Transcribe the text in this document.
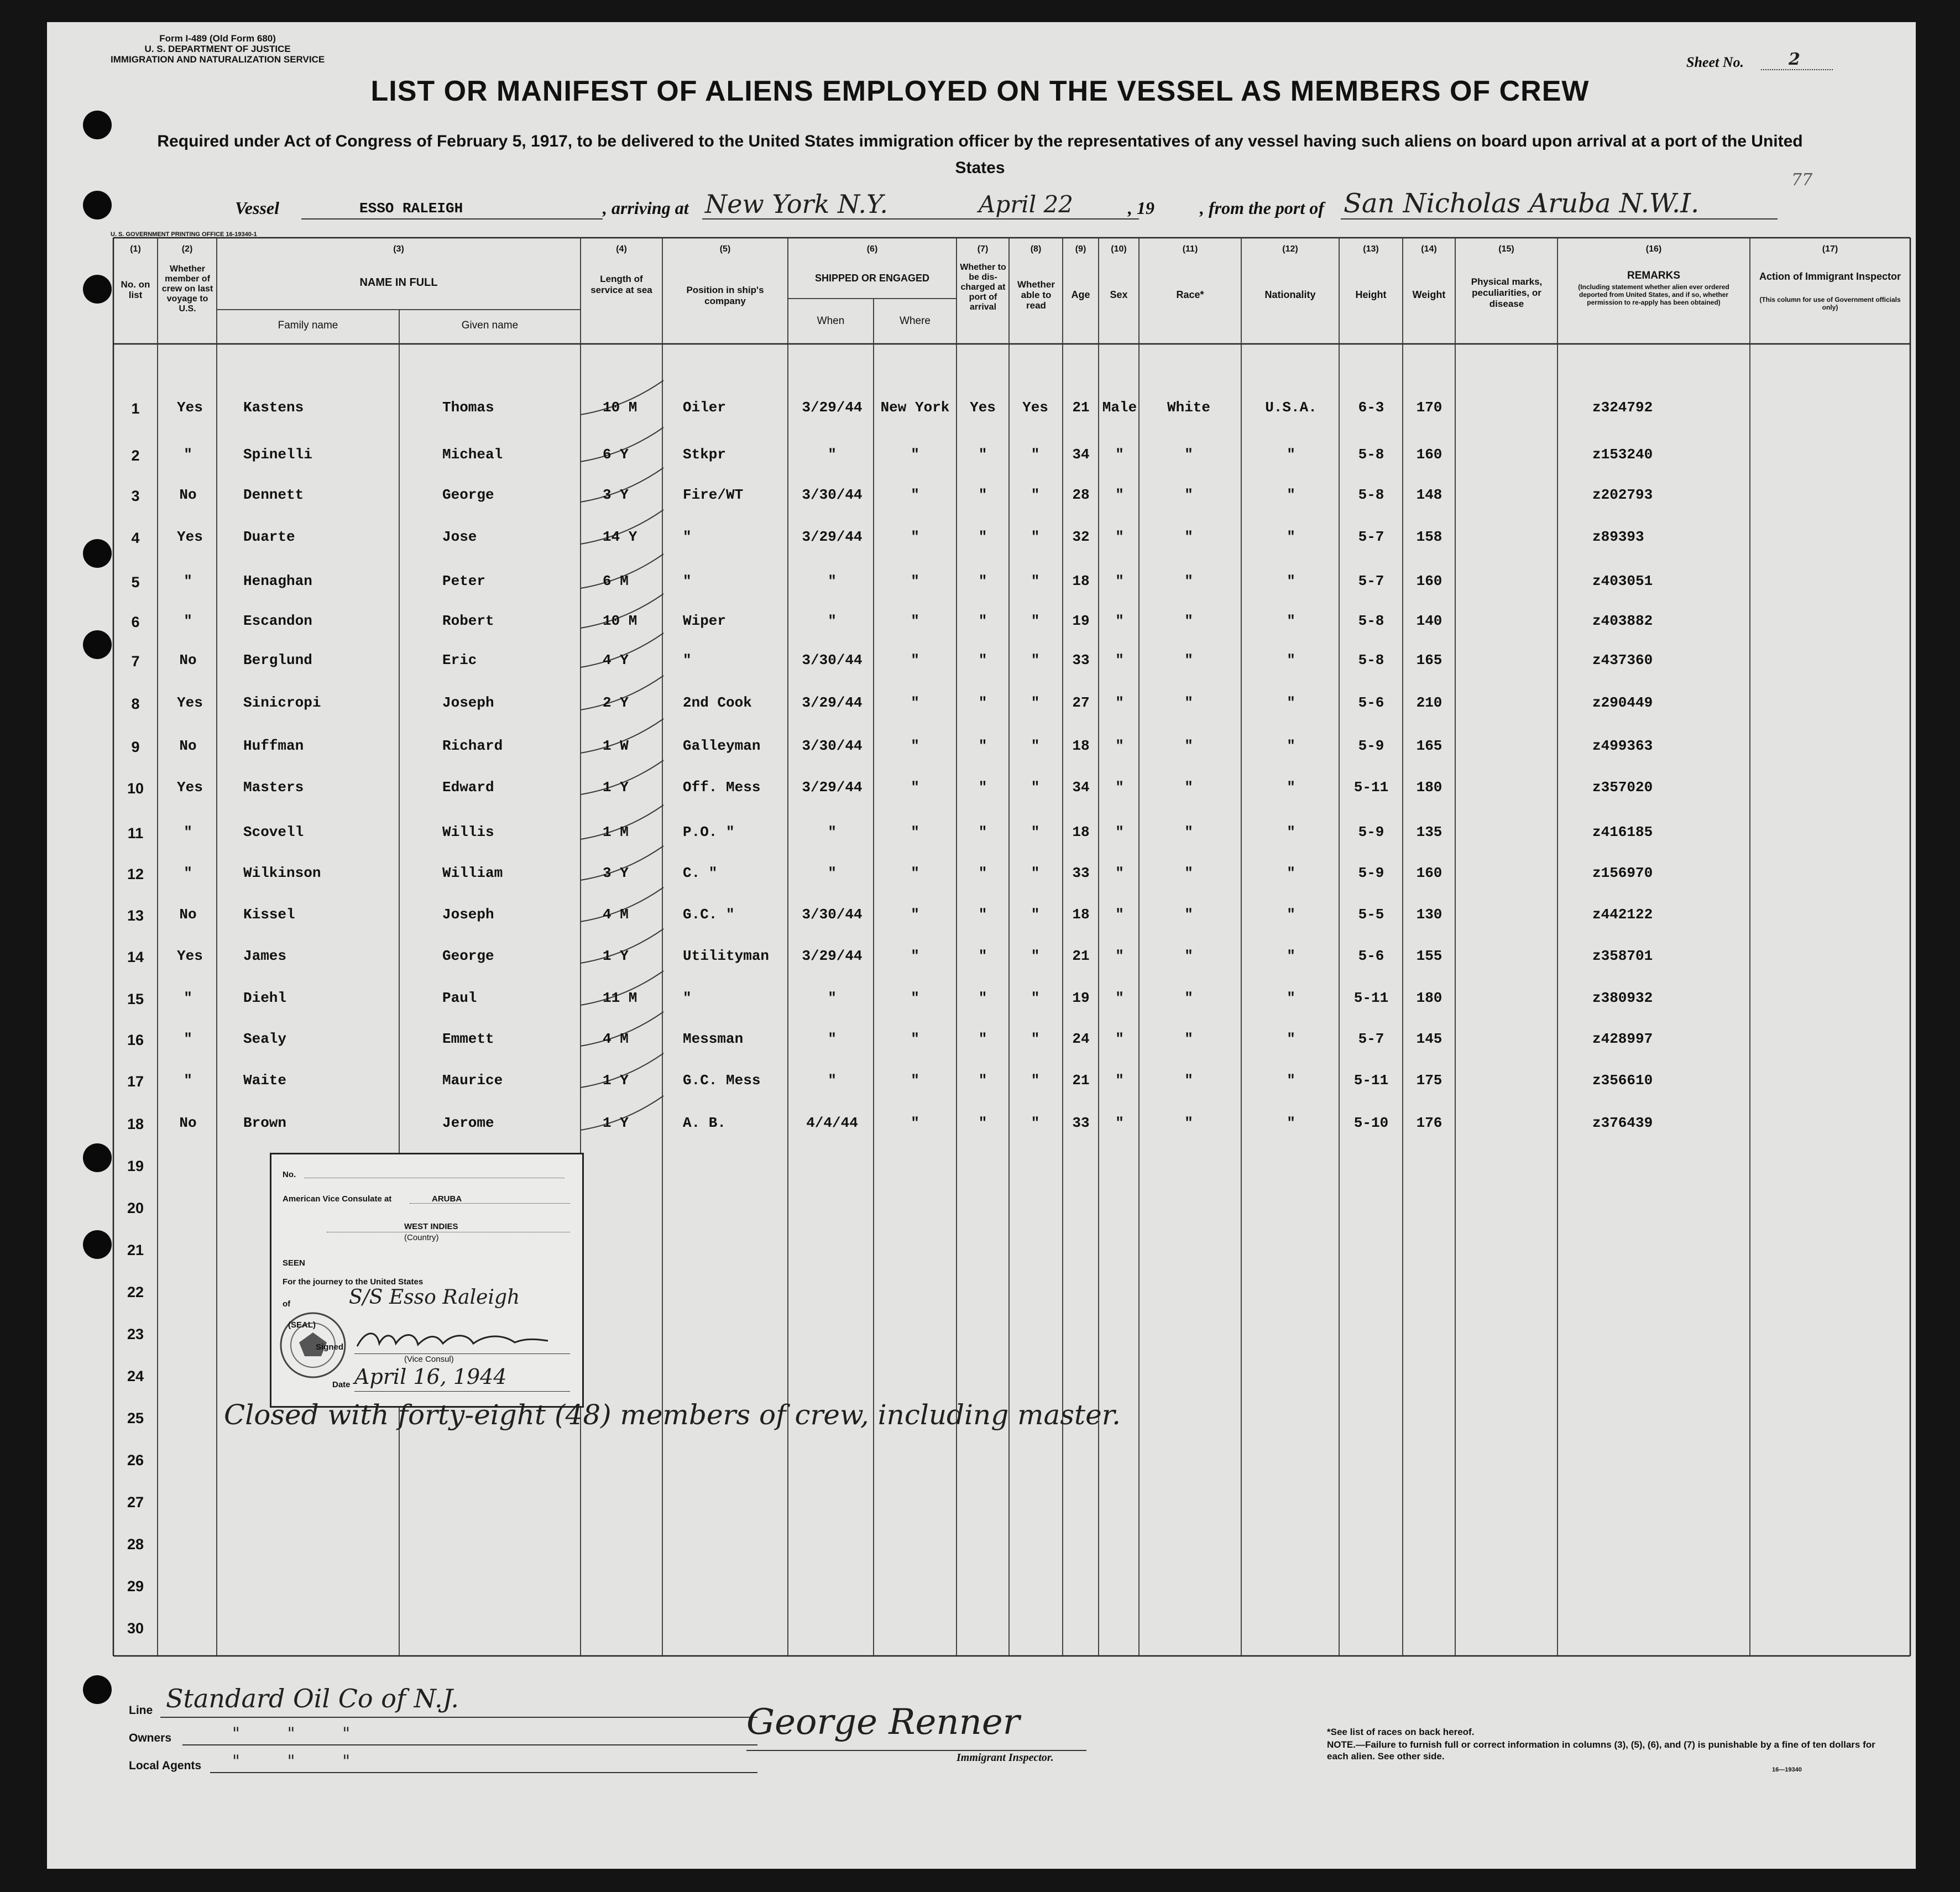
Form I-489 (Old Form 680)
U. S. DEPARTMENT OF JUSTICE
IMMIGRATION AND NATURALIZATION SERVICE	Sheet No.	2
LIST OR MANIFEST OF ALIENS EMPLOYED ON THE VESSEL AS MEMBERS OF CREW
Required under Act of Congress of February 5, 1917, to be delivered to the United States immigration officer by the representatives of any vessel having such aliens on board upon arrival at a port of the United States
Vessel	ESSO RALEIGH	, arriving at New York N.Y.	April 22	, 19	, from the port of San Nicholas Aruba N.W.I.
77
U. S. GOVERNMENT PRINTING OFFICE 16-19340-1
(1)	(2)	(3)	(4)	(5)	(6)	(7)	(8)	(9)	(10)	(11)	(12)	(13)	(14)	(15)	(16)	(17)
No. on list
Whether member of crew on last voyage to U.S.
NAME IN FULL
Family name	Given name
Length of service at sea	Position in ship's company
SHIPPED OR ENGAGED
When	Where
Whether to be dis-charged at port of arrival
Whether able to read
Age	Sex	Race*	Nationality	Height	Weight
Physical marks, peculiarities, or disease
REMARKS
(Including statement whether alien ever ordered deported from United States, and if so, whether permission to re-apply has been obtained)
Action of Immigrant Inspector
(This column for use of Government officials only)
1	Yes	Kastens	Thomas	10 M	Oiler	3/29/44	New York	Yes	Yes	21 Male	White	U.S.A.	6-3	170	z324792
2	"	Spinelli	Micheal	6 Y	Stkpr	"	"	"	"	34	"	"	"	5-8	160	z153240
3	No	Dennett	George	3 Y	Fire/WT	3/30/44	"	"	"	28	"	"	"	5-8	148	z202793
4	Yes	Duarte	Jose	14 Y	"	3/29/44	"	"	"	32	"	"	"	5-7	158	z89393
5	"	Henaghan	Peter	6 M	"	"	"	"	"	18	"	"	"	5-7	160	z403051
6	"	Escandon	Robert	10 M	Wiper	"	"	"	"	19	"	"	"	5-8	140	z403882
7	No	Berglund	Eric	4 Y	"	3/30/44	"	"	"	33	"	"	"	5-8	165	z437360
8	Yes	Sinicropi	Joseph	2 Y	2nd Cook	3/29/44	"	"	"	27	"	"	"	5-6	210	z290449
9	No	Huffman	Richard	1 W	Galleyman	3/30/44	"	"	"	18	"	"	"	5-9	165	z499363
10	Yes	Masters	Edward	1 Y	Off. Mess	3/29/44	"	"	"	34	"	"	"	5-11	180	z357020
11	"	Scovell	Willis	1 M	P.O. "	"	"	"	"	18	"	"	"	5-9	135	z416185
12	"	Wilkinson	William	3 Y	C. "	"	"	"	"	33	"	"	"	5-9	160	z156970
13	No	Kissel	Joseph	4 M	G.C. "	3/30/44	"	"	"	18	"	"	"	5-5	130	z442122
14	Yes	James	George	1 Y	Utilityman	3/29/44	"	"	"	21	"	"	"	5-6	155	z358701
15	"	Diehl	Paul	11 M	"	"	"	"	"	19	"	"	"	5-11	180	z380932
16	"	Sealy	Emmett	4 M	Messman	"	"	"	"	24	"	"	"	5-7	145	z428997
17	"	Waite	Maurice	1 Y	G.C. Mess	"	"	"	"	21	"	"	"	5-11	175	z356610
18	No	Brown	Jerome	1 Y	A. B.	4/4/44	"	"	"	33	"	"	"	5-10	176	z376439
19
20
21
22
23
24
25
26
27
28
29
30
No.
American Vice Consulate at	ARUBA
WEST INDIES
(Country)
SEEN
For the journey to the United States
of	S/S Esso Raleigh
(SEAL)
Signed
(Vice Consul)
Date April 16, 1944
Closed with forty-eight (48) members of crew, including master.
Line Standard Oil Co of N.J.
Owners	"         "         "
Local Agents "         "         "
George Renner
Immigrant Inspector.
*See list of races on back hereof.
NOTE.—Failure to furnish full or correct information in columns (3), (5), (6), and (7) is punishable by a fine of ten dollars for each alien. See other side.
16—19340
